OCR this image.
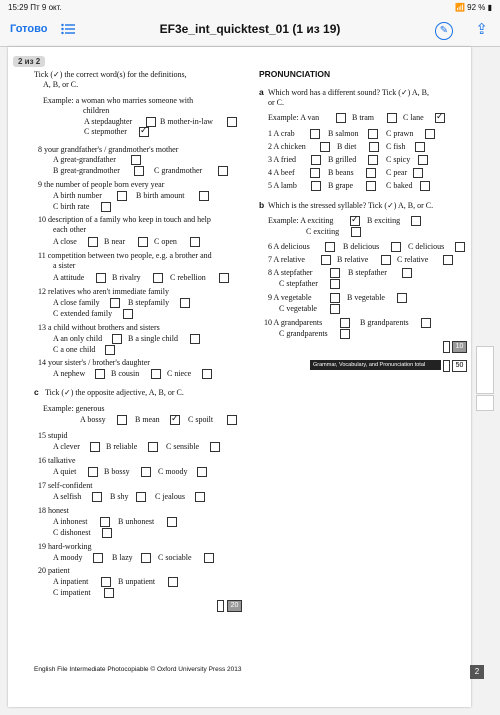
15:29 Пт 9 окт.	📶 92 % ▮
Готово	EF3e_int_quicktest_01 (1 из 19)	✎	⇪
2 из 2
Tick (✓) the correct word(s) for the definitions,
A, B, or C.
Example: a woman who marries someone with
children
A stepdaughter	B mother-in-law
C stepmother ✓
8 your grandfather's / grandmother's mother
A great-grandfather
B great-grandmother	C grandmother
9 the number of people born every year
A birth number	B birth amount
C birth rate
10 description of a family who keep in touch and help
each other
A close	B near	C open
11 competition between two people, e.g. a brother and
a sister
A attitude	B rivalry	C rebellion
12 relatives who aren't immediate family
A close family	B stepfamily
C extended family
13 a child without brothers and sisters
A an only child	B a single child
C a one child
14 your sister's / brother's daughter
A nephew	B cousin	C niece
c Tick (✓) the opposite adjective, A, B, or C.
Example: generous
A bossy	B mean ✓ C spoilt
15 stupid
A clever	B reliable	C sensible
16 talkative
A quiet	B bossy	C moody
17 self-confident
A selfish	B shy	C jealous
18 honest
A inhonest	B unhonest
C dishonest
19 hard-working
A moody	B lazy	C sociable
20 patient
A inpatient	B unpatient
C impatient
20
PRONUNCIATION
a Which word has a different sound? Tick (✓) A, B,
or C.
Example: A van	B tram	C lane ✓
1 A crab	B salmon	C prawn
2 A chicken	B diet	C fish
3 A fried	B grilled	C spicy
4 A beef	B beans	C pear
5 A lamb	B grape	C baked
b Which is the stressed syllable? Tick (✓) A, B, or C.
Example: A exciting ✓ B exciting
C exciting
6 A delicious	B delicious	C delicious
7 A relative	B relative	C relative
8 A stepfather	B stepfather
C stepfather
9 A vegetable	B vegetable
C vegetable
10 A grandparents	B grandparents
C grandparents
10
Grammar, Vocabulary, and Pronunciation total	50
English File Intermediate Photocopiable © Oxford University Press 2013	2
